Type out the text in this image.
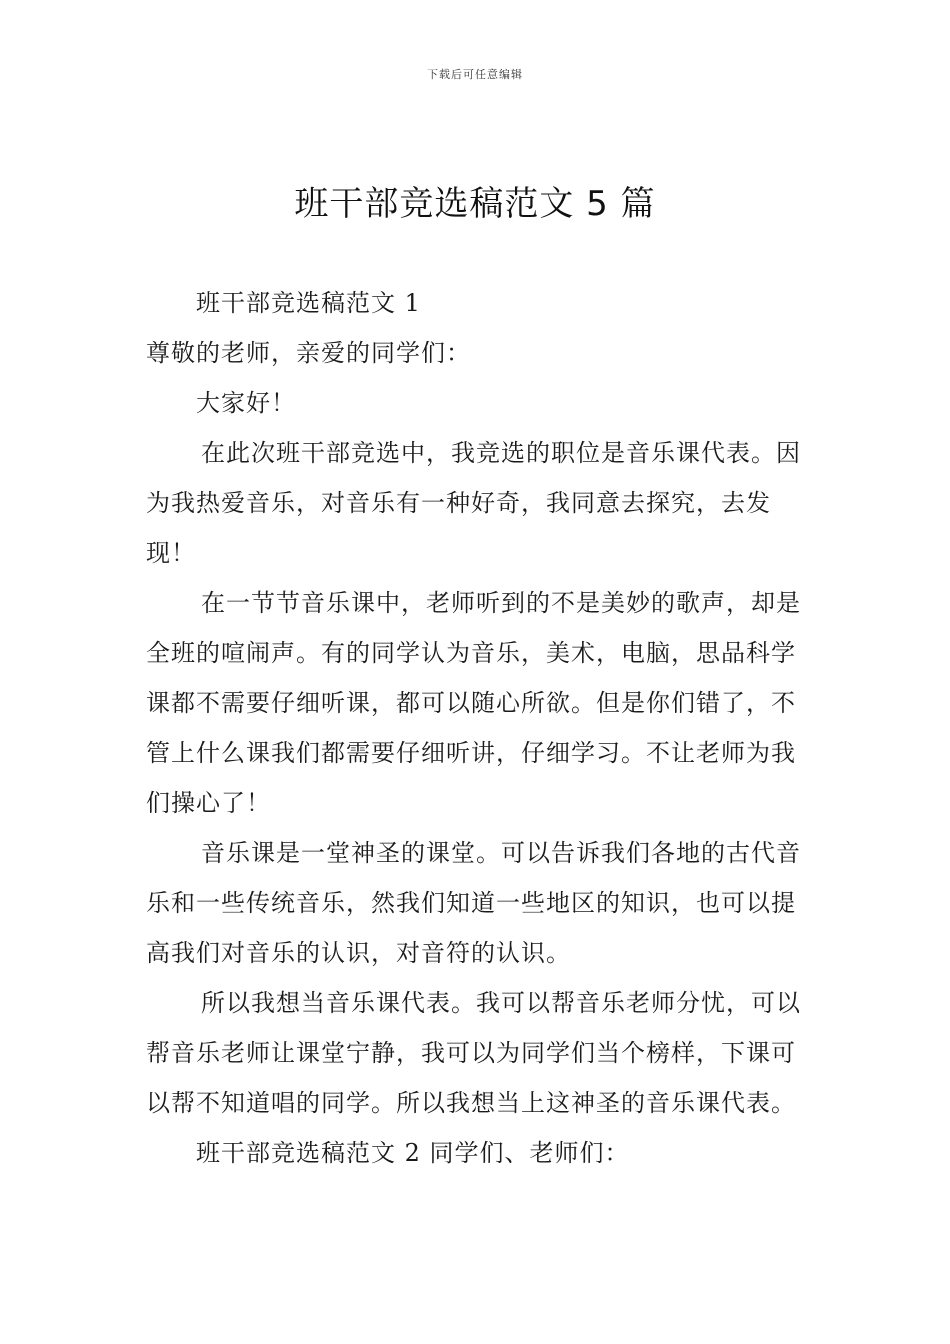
下载后可任意编辑
班干部竞选稿范文 5 篇

班干部竞选稿范文 1

尊敬的老师，亲爱的同学们：

大家好！

在此次班干部竞选中，我竞选的职位是音乐课代表。因为我热爱音乐，对音乐有一种好奇，我同意去探究，去发现！

在一节节音乐课中，老师听到的不是美妙的歌声，却是全班的喧闹声。有的同学认为音乐，美术，电脑，思品科学课都不需要仔细听课，都可以随心所欲。但是你们错了，不管上什么课我们都需要仔细听讲，仔细学习。不让老师为我们操心了！

音乐课是一堂神圣的课堂。可以告诉我们各地的古代音乐和一些传统音乐，然我们知道一些地区的知识，也可以提高我们对音乐的认识，对音符的认识。

所以我想当音乐课代表。我可以帮音乐老师分忧，可以帮音乐老师让课堂宁静，我可以为同学们当个榜样，下课可以帮不知道唱的同学。所以我想当上这神圣的音乐课代表。

班干部竞选稿范文 2 同学们、老师们：
